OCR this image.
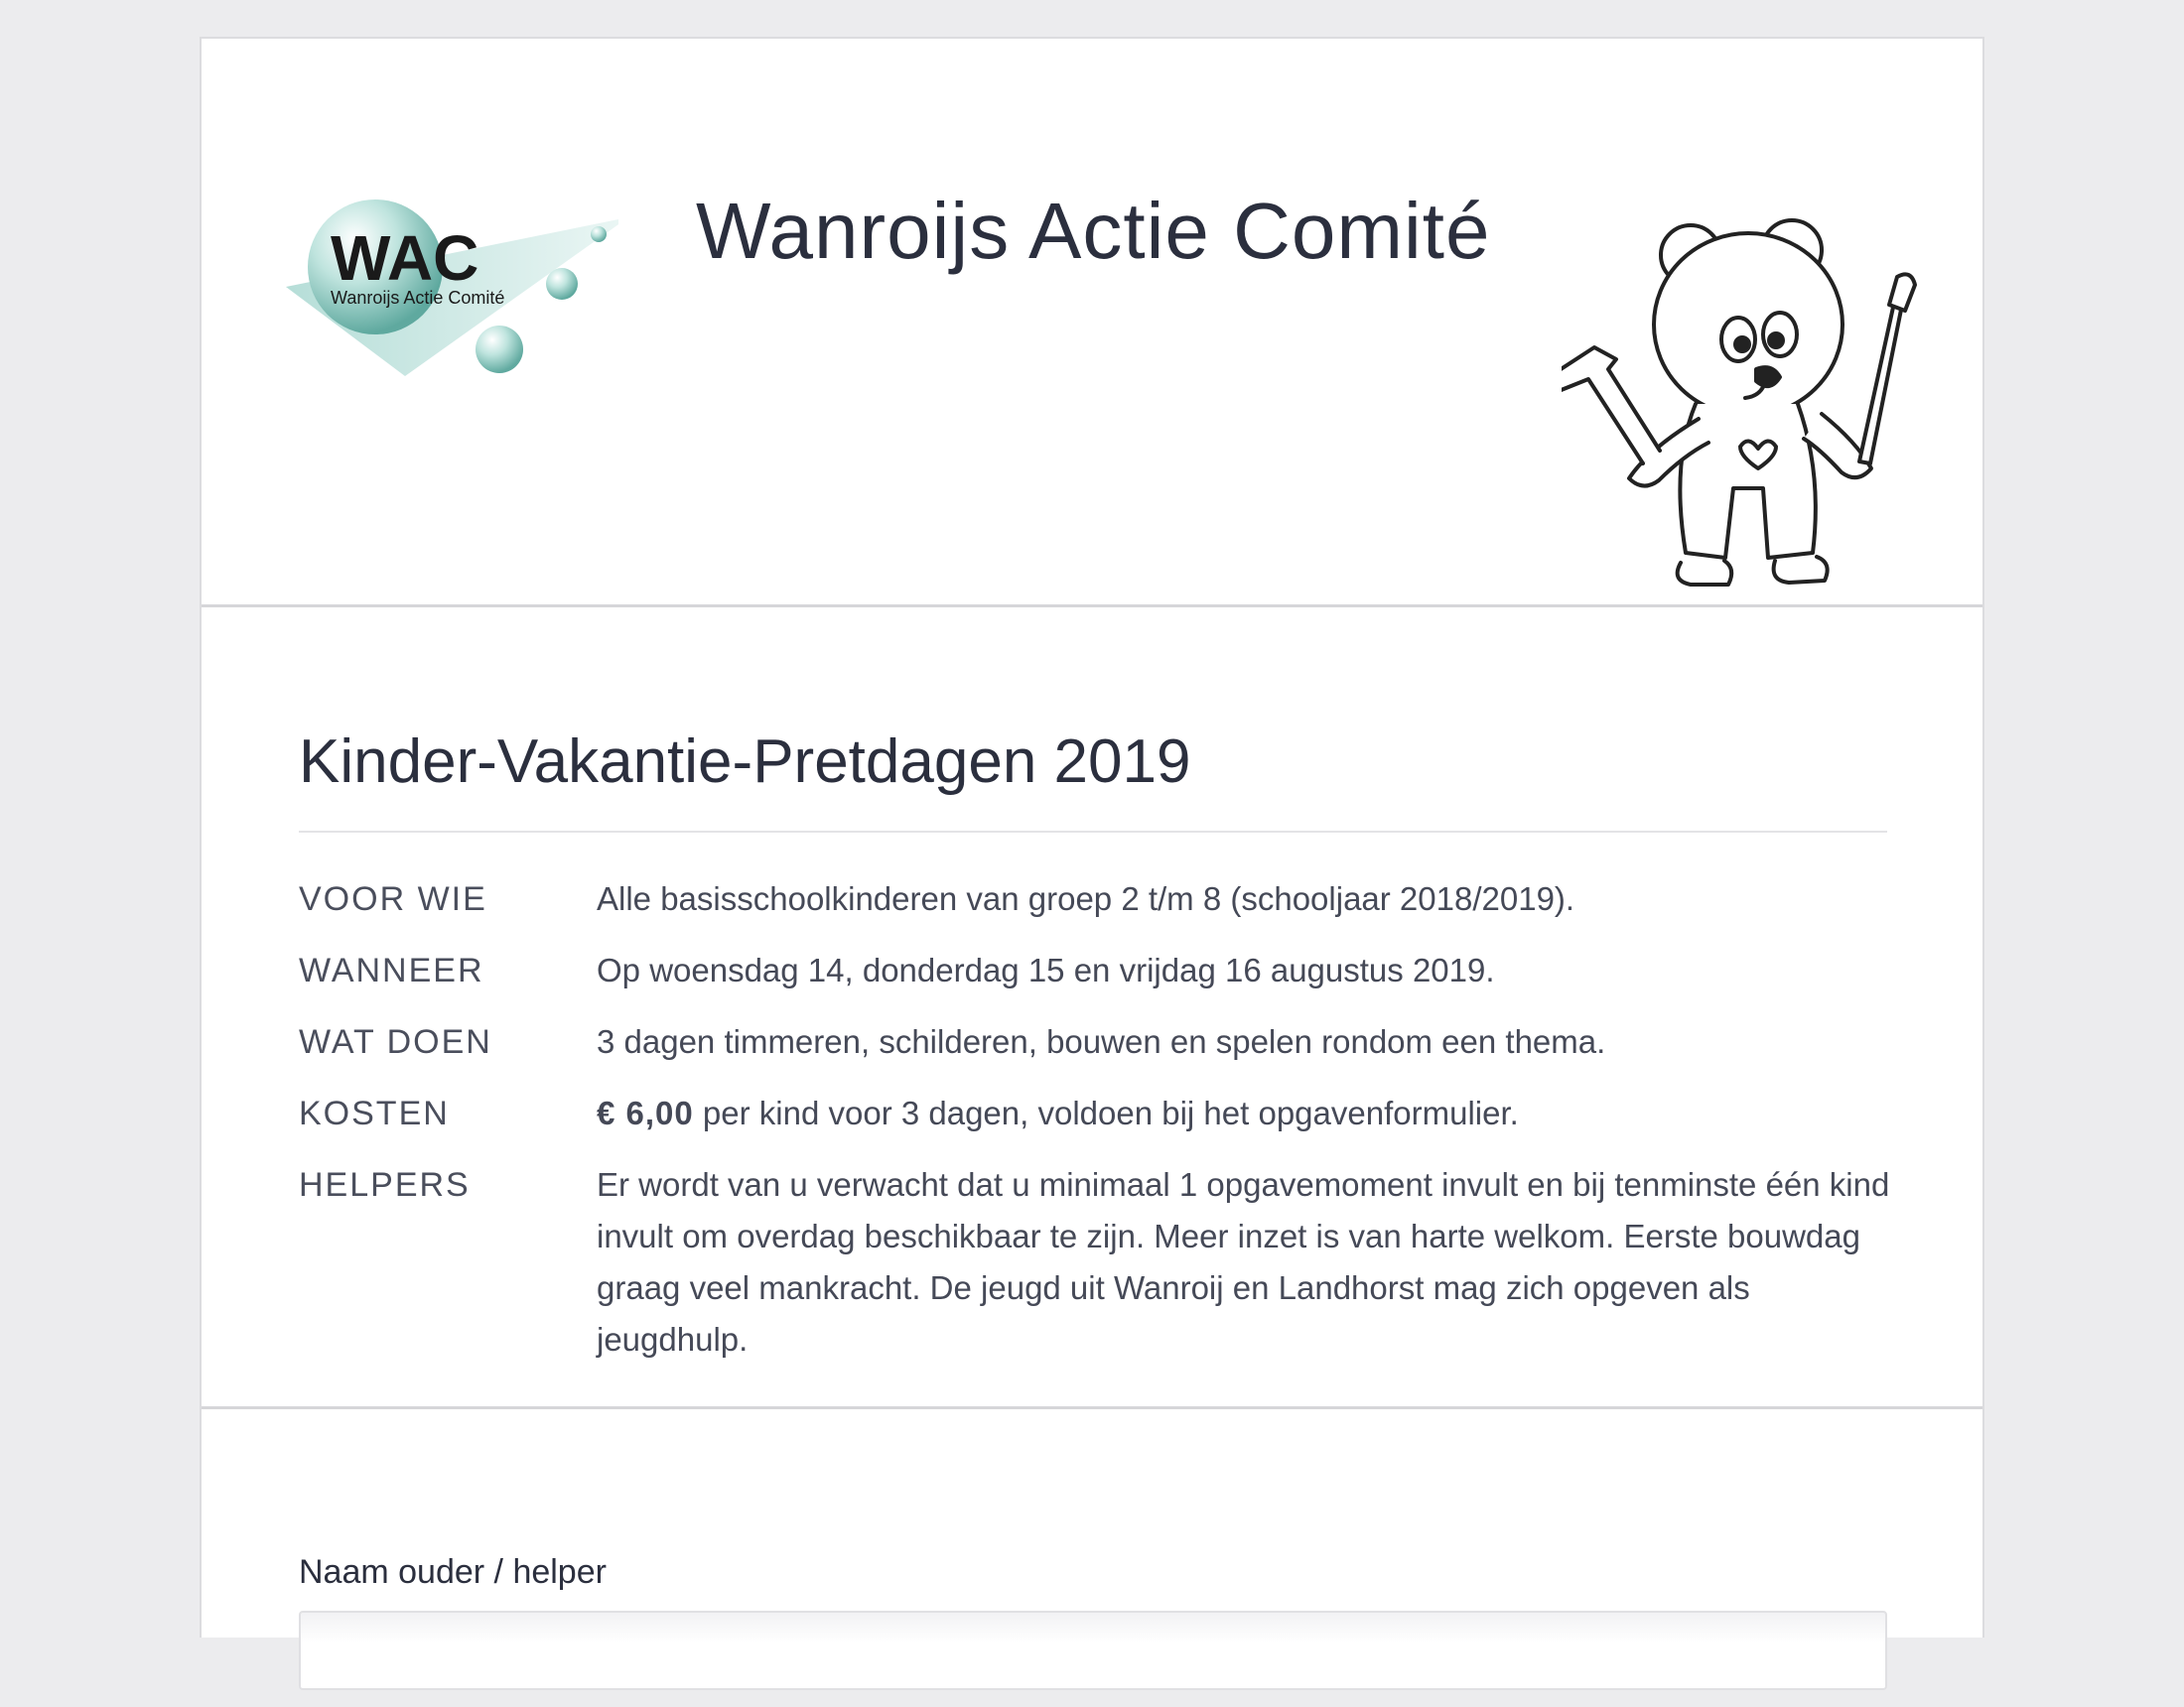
WAC
Wanroijs Actie Comité
Wanroijs Actie Comité
Kinder-Vakantie-Pretdagen 2019
VOOR WIE	Alle basisschoolkinderen van groep 2 t/m 8 (schooljaar 2018/2019).
WANNEER	Op woensdag 14, donderdag 15 en vrijdag 16 augustus 2019.
WAT DOEN	3 dagen timmeren, schilderen, bouwen en spelen rondom een thema.
KOSTEN	€ 6,00 per kind voor 3 dagen, voldoen bij het opgavenformulier.
HELPERS	Er wordt van u verwacht dat u minimaal 1 opgavemoment invult en bij tenminste één kind invult om overdag beschikbaar te zijn. Meer inzet is van harte welkom. Eerste bouwdag graag veel mankracht. De jeugd uit Wanroij en Landhorst mag zich opgeven als jeugdhulp.
Naam ouder / helper
